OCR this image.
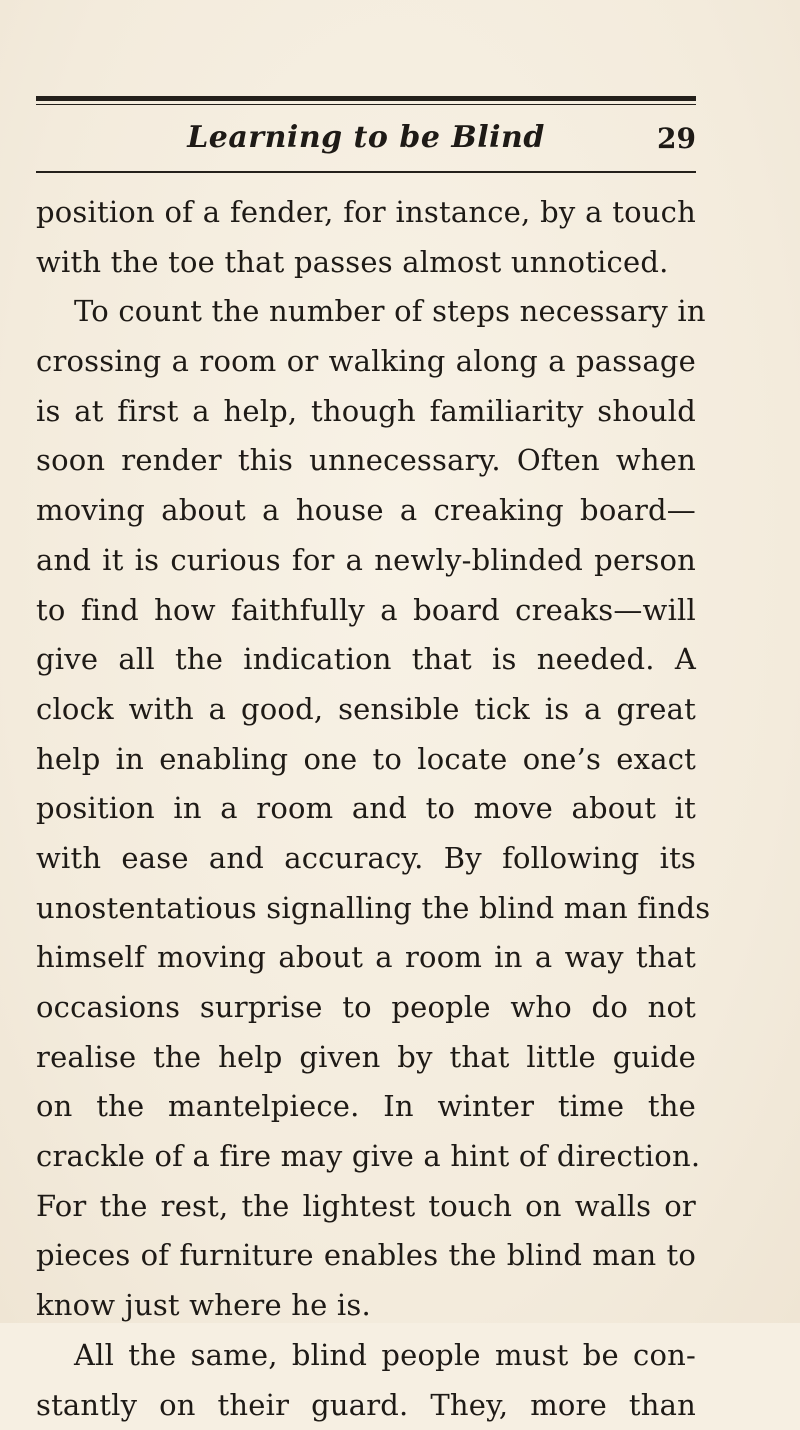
Learning to be Blind	29
position of a fender, for instance, by a touch
with the toe that passes almost unnoticed.
To count the number of steps necessary in
crossing a room or walking along a passage
is at first a help, though familiarity should
soon render this unnecessary. Often when
moving about a house a creaking board—
and it is curious for a newly-blinded person
to find how faithfully a board creaks—will
give all the indication that is needed. A
clock with a good, sensible tick is a great
help in enabling one to locate one’s exact
position in a room and to move about it
with ease and accuracy. By following its
unostentatious signalling the blind man finds
himself moving about a room in a way that
occasions surprise to people who do not
realise the help given by that little guide
on the mantelpiece. In winter time the
crackle of a fire may give a hint of direction.
For the rest, the lightest touch on walls or
pieces of furniture enables the blind man to
know just where he is.
All the same, blind people must be con-
stantly on their guard. They, more than
